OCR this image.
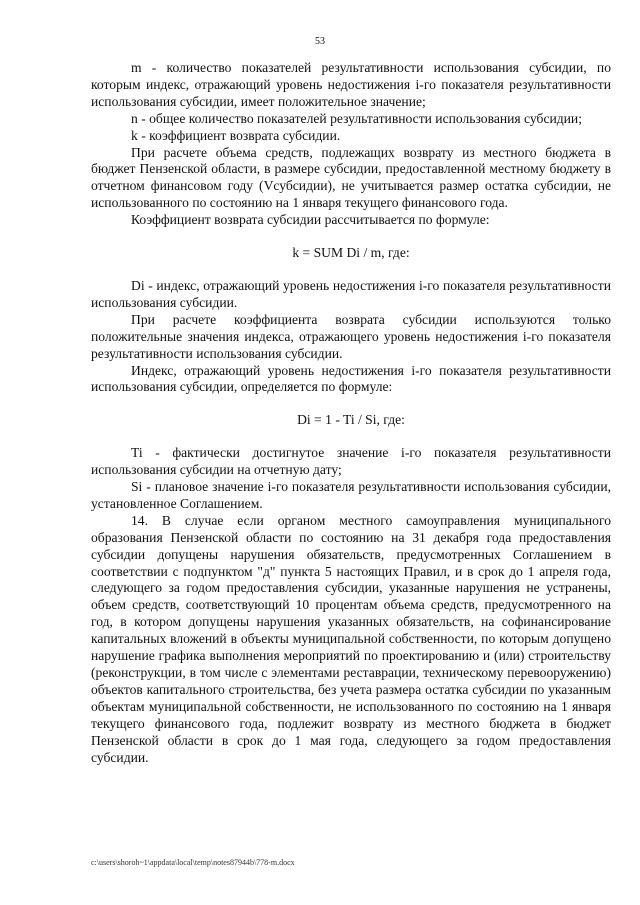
53

m - количество показателей результативности использования субсидии, по которым индекс, отражающий уровень недостижения i-го показателя результативности использования субсидии, имеет положительное значение;

n - общее количество показателей результативности использования субсидии;

k - коэффициент возврата субсидии.

При расчете объема средств, подлежащих возврату из местного бюджета в бюджет Пензенской области, в размере субсидии, предоставленной местному бюджету в отчетном финансовом году (Vсубсидии), не учитывается размер остатка субсидии, не использованного по состоянию на 1 января текущего финансового года.

Коэффициент возврата субсидии рассчитывается по формуле:

k = SUM Di / m, где:

Di - индекс, отражающий уровень недостижения i-го показателя результативности использования субсидии.

При расчете коэффициента возврата субсидии используются только положительные значения индекса, отражающего уровень недостижения i-го показателя результативности использования субсидии.

Индекс, отражающий уровень недостижения i-го показателя результативности использования субсидии, определяется по формуле:

Di = 1 - Ti / Si, где:

Ti - фактически достигнутое значение i-го показателя результативности использования субсидии на отчетную дату;

Si - плановое значение i-го показателя результативности использования субсидии, установленное Соглашением.

14. В случае если органом местного самоуправления муниципального образования Пензенской области по состоянию на 31 декабря года предоставления субсидии допущены нарушения обязательств, предусмотренных Соглашением в соответствии с подпунктом "д" пункта 5 настоящих Правил, и в срок до 1 апреля года, следующего за годом предоставления субсидии, указанные нарушения не устранены, объем средств, соответствующий 10 процентам объема средств, предусмотренного на год, в котором допущены нарушения указанных обязательств, на софинансирование капитальных вложений в объекты муниципальной собственности, по которым допущено нарушение графика выполнения мероприятий по проектированию и (или) строительству (реконструкции, в том числе с элементами реставрации, техническому перевооружению) объектов капитального строительства, без учета размера остатка субсидии по указанным объектам муниципальной собственности, не использованного по состоянию на 1 января текущего финансового года, подлежит возврату из местного бюджета в бюджет Пензенской области в срок до 1 мая года, следующего за годом предоставления субсидии.

c:\users\shoroh~1\appdata\local\temp\notes87944b\778-m.docx
